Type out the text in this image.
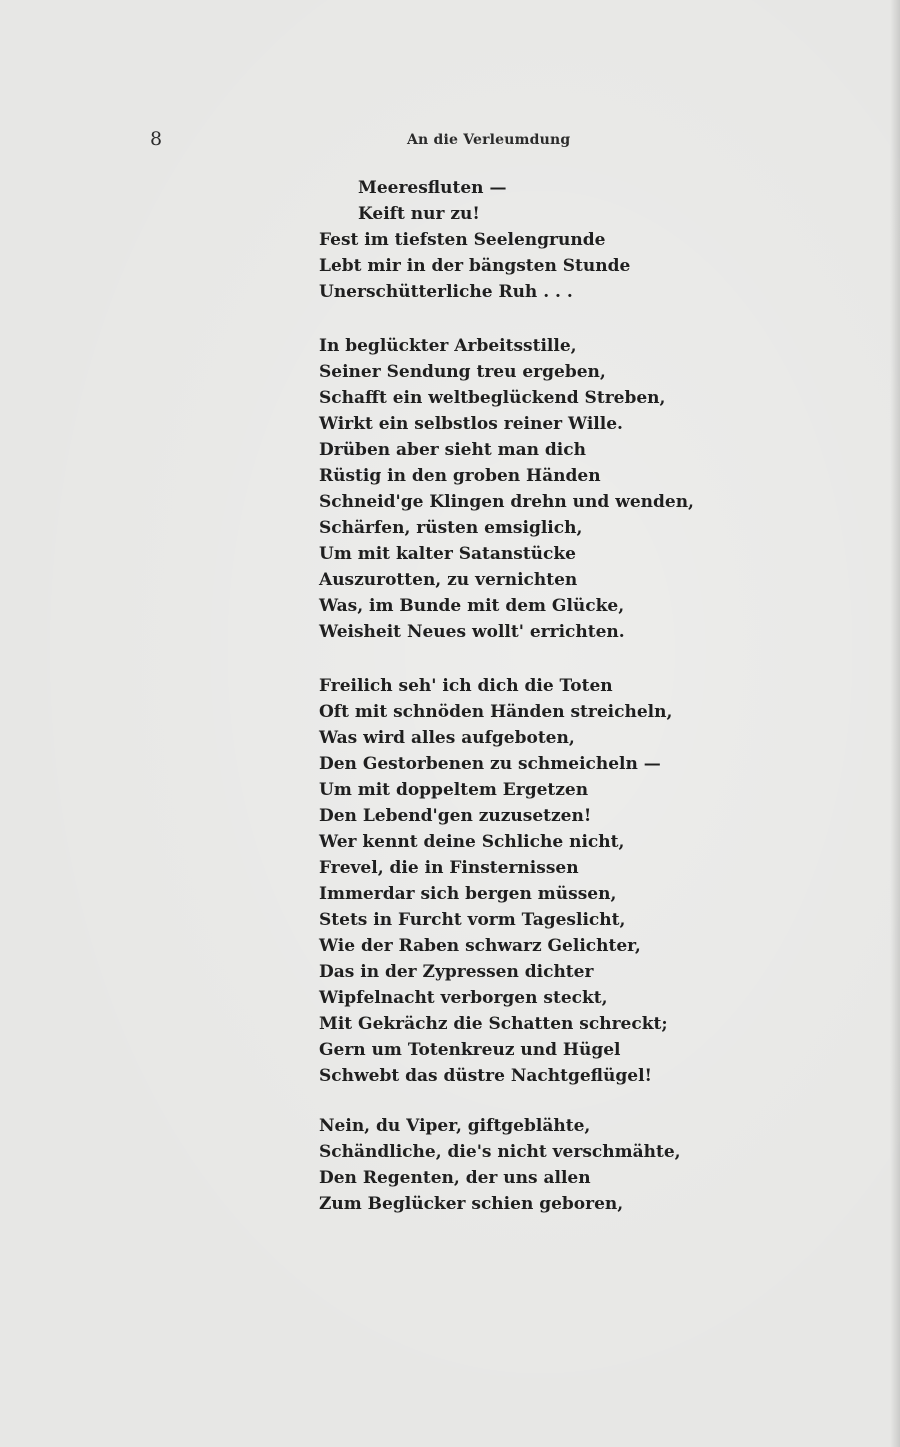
8	An die Verleumdung
Meeresfluten —
Keift nur zu!
Fest im tiefsten Seelengrunde
Lebt mir in der bängsten Stunde
Unerschütterliche Ruh . . .
In beglückter Arbeitsstille,
Seiner Sendung treu ergeben,
Schafft ein weltbeglückend Streben,
Wirkt ein selbstlos reiner Wille.
Drüben aber sieht man dich
Rüstig in den groben Händen
Schneid'ge Klingen drehn und wenden,
Schärfen, rüsten emsiglich,
Um mit kalter Satanstücke
Auszurotten, zu vernichten
Was, im Bunde mit dem Glücke,
Weisheit Neues wollt' errichten.
Freilich seh' ich dich die Toten
Oft mit schnöden Händen streicheln,
Was wird alles aufgeboten,
Den Gestorbenen zu schmeicheln —
Um mit doppeltem Ergetzen
Den Lebend'gen zuzusetzen!
Wer kennt deine Schliche nicht,
Frevel, die in Finsternissen
Immerdar sich bergen müssen,
Stets in Furcht vorm Tageslicht,
Wie der Raben schwarz Gelichter,
Das in der Zypressen dichter
Wipfelnacht verborgen steckt,
Mit Gekrächz die Schatten schreckt;
Gern um Totenkreuz und Hügel
Schwebt das düstre Nachtgeflügel!
Nein, du Viper, giftgeblähte,
Schändliche, die's nicht verschmähte,
Den Regenten, der uns allen
Zum Beglücker schien geboren,
